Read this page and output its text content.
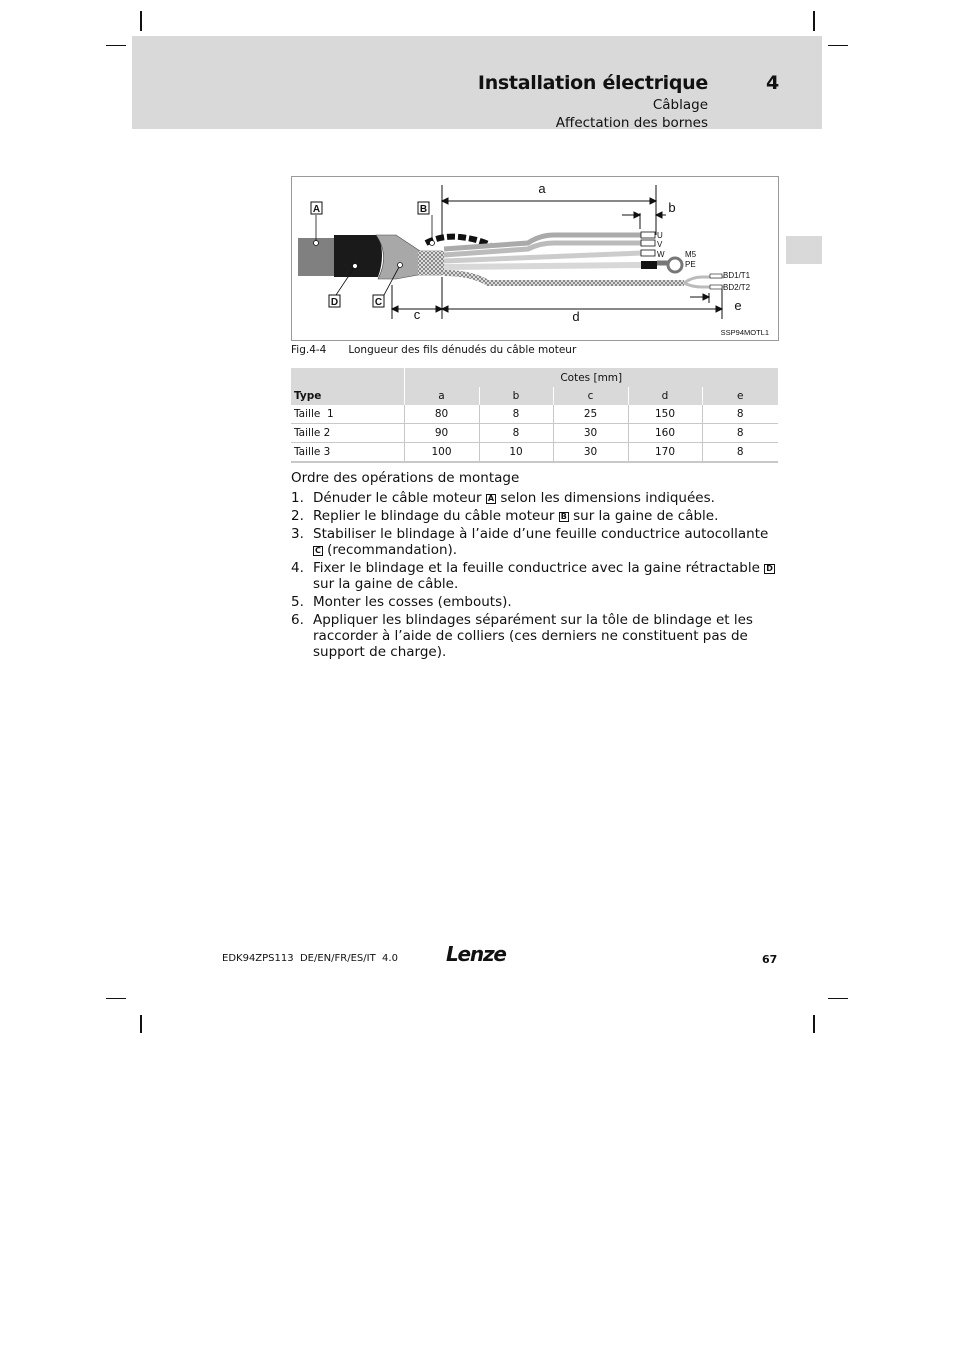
Installation électrique	4
Câblage
Affectation des bornes
A	B
D	C
a
b
c	d
e
U
V
W	M5
PE
BD1/T1
BD2/T2
SSP94MOTL1
Fig.4-4 Longueur des fils dénudés du câble moteur
	Cotes [mm]				
Type	a	b	c	d	e
Taille  1	80	8	25	150	8
Taille 2	90	8	30	160	8
Taille 3	100	10	30	170	8
Ordre des opérations de montage
1. Dénuder le câble moteur A selon les dimensions indiquées.
2. Replier le blindage du câble moteur B sur la gaine de câble.
3. Stabiliser le blindage à l’aide d’une feuille conductrice autocollante C (recommandation).
4. Fixer le blindage et la feuille conductrice avec la gaine rétractable D sur la gaine de câble.
5. Monter les cosses (embouts).
6. Appliquer les blindages séparément sur la tôle de blindage et les raccorder à l’aide de colliers (ces derniers ne constituent pas de support de charge).
EDK94ZPS113  DE/EN/FR/ES/IT  4.0 Lenze	67
